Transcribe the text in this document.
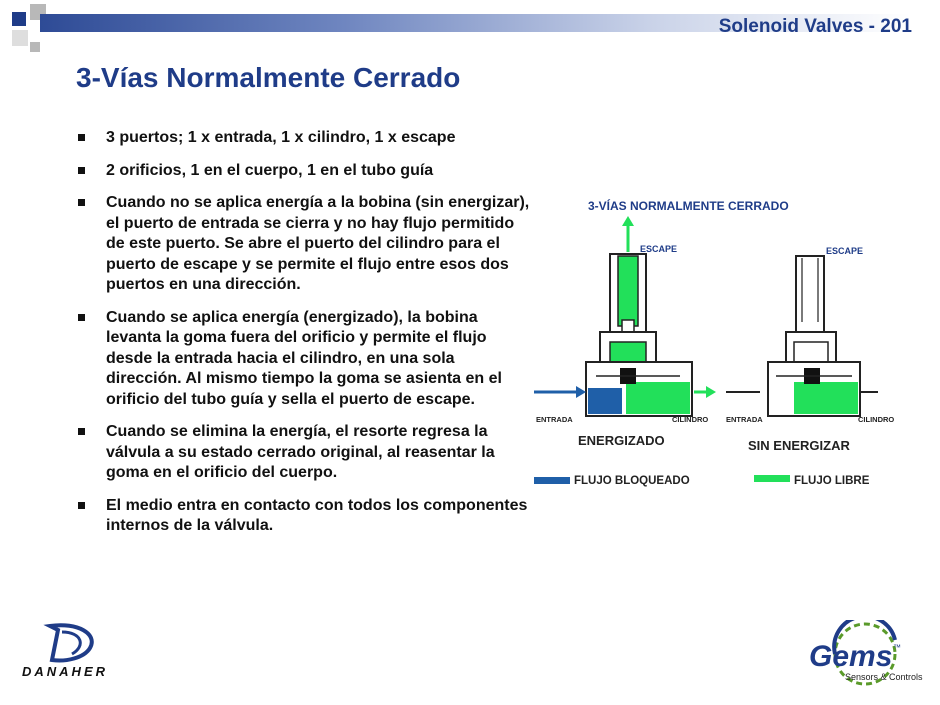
Solenoid Valves - 201
3-Vías Normalmente Cerrado
3 puertos; 1 x entrada, 1 x cilindro, 1 x escape
2 orificios, 1 en el cuerpo, 1 en el tubo guía
Cuando no se aplica energía a la bobina (sin energizar), el puerto de entrada se cierra y no hay flujo permitido de este puerto. Se abre el puerto del cilindro para el puerto de escape y se permite el flujo entre esos dos puertos en una dirección.
Cuando se aplica energía (energizado), la bobina levanta la goma fuera del orificio y permite el flujo desde la entrada hacia el cilindro, en una sola dirección. Al mismo tiempo la goma se asienta en el orificio del tubo guía y sella el puerto de escape.
Cuando se elimina la energía, el resorte regresa la válvula a su estado cerrado original, al reasentar la goma en el orificio del cuerpo.
El medio entra en contacto con todos los componentes internos de la válvula.
3-VÍAS NORMALMENTE CERRADO
ESCAPE
ENTRADA	CILINDRO
ENERGIZADO
ESCAPE
ENTRADA	CILINDRO
SIN ENERGIZAR
FLUJO BLOQUEADO	FLUJO LIBRE
DANAHER	Gems ™
Sensors & Controls
